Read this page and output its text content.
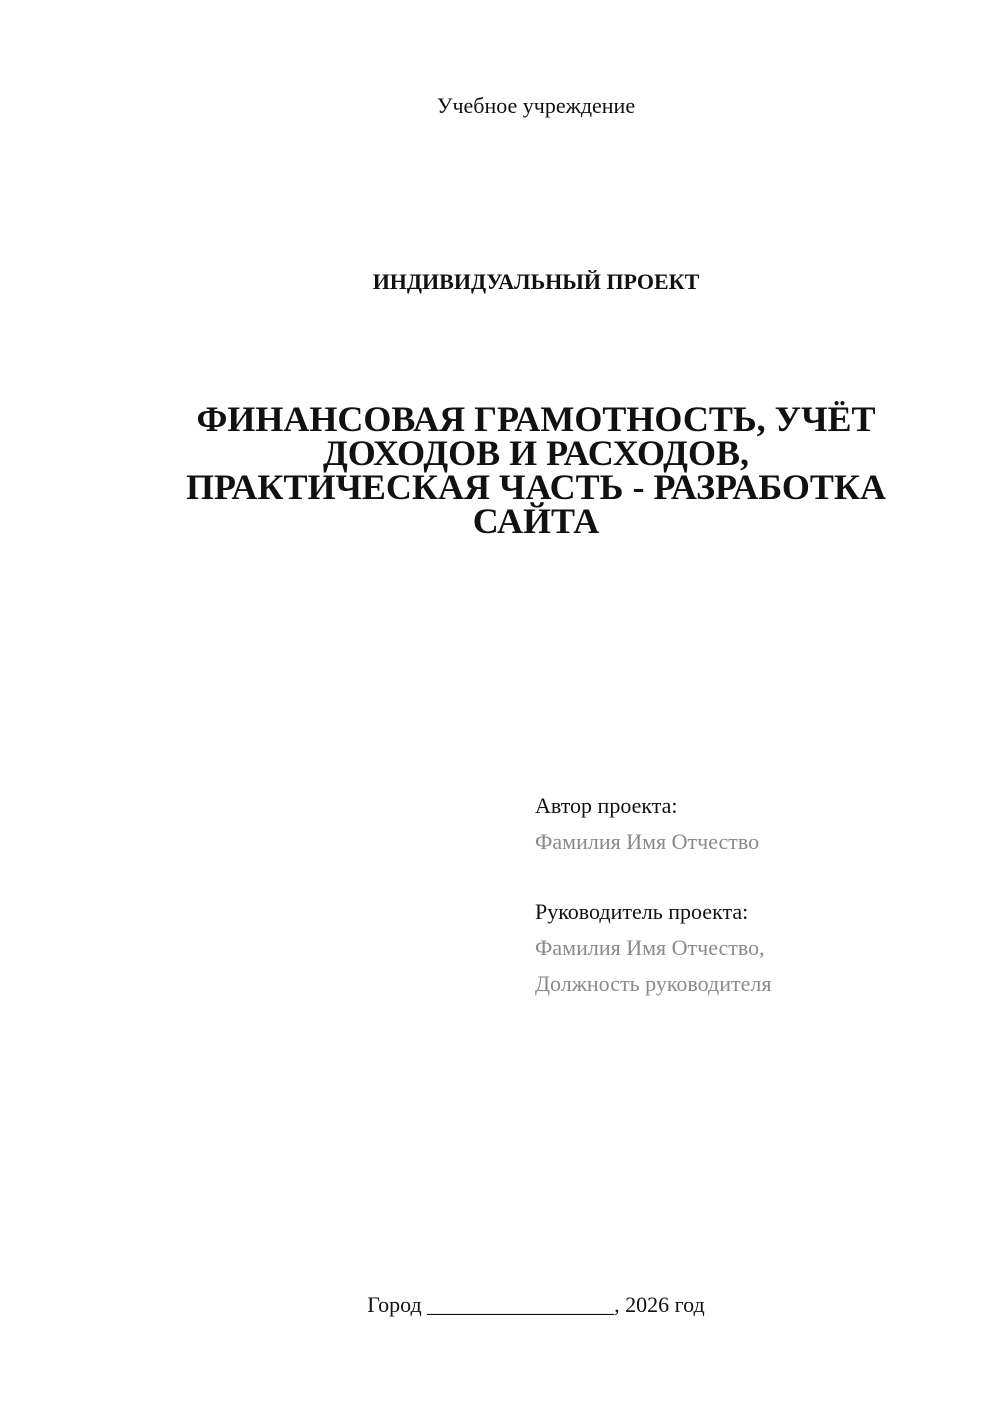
Учебное учреждение
ИНДИВИДУАЛЬНЫЙ ПРОЕКТ
ФИНАНСОВАЯ ГРАМОТНОСТЬ, УЧЁТ
ДОХОДОВ И РАСХОДОВ,
ПРАКТИЧЕСКАЯ ЧАСТЬ - РАЗРАБОТКА
САЙТА
Автор проекта:
Фамилия Имя Отчество
Руководитель проекта:
Фамилия Имя Отчество,
Должность руководителя
Город _________________, 2026 год
